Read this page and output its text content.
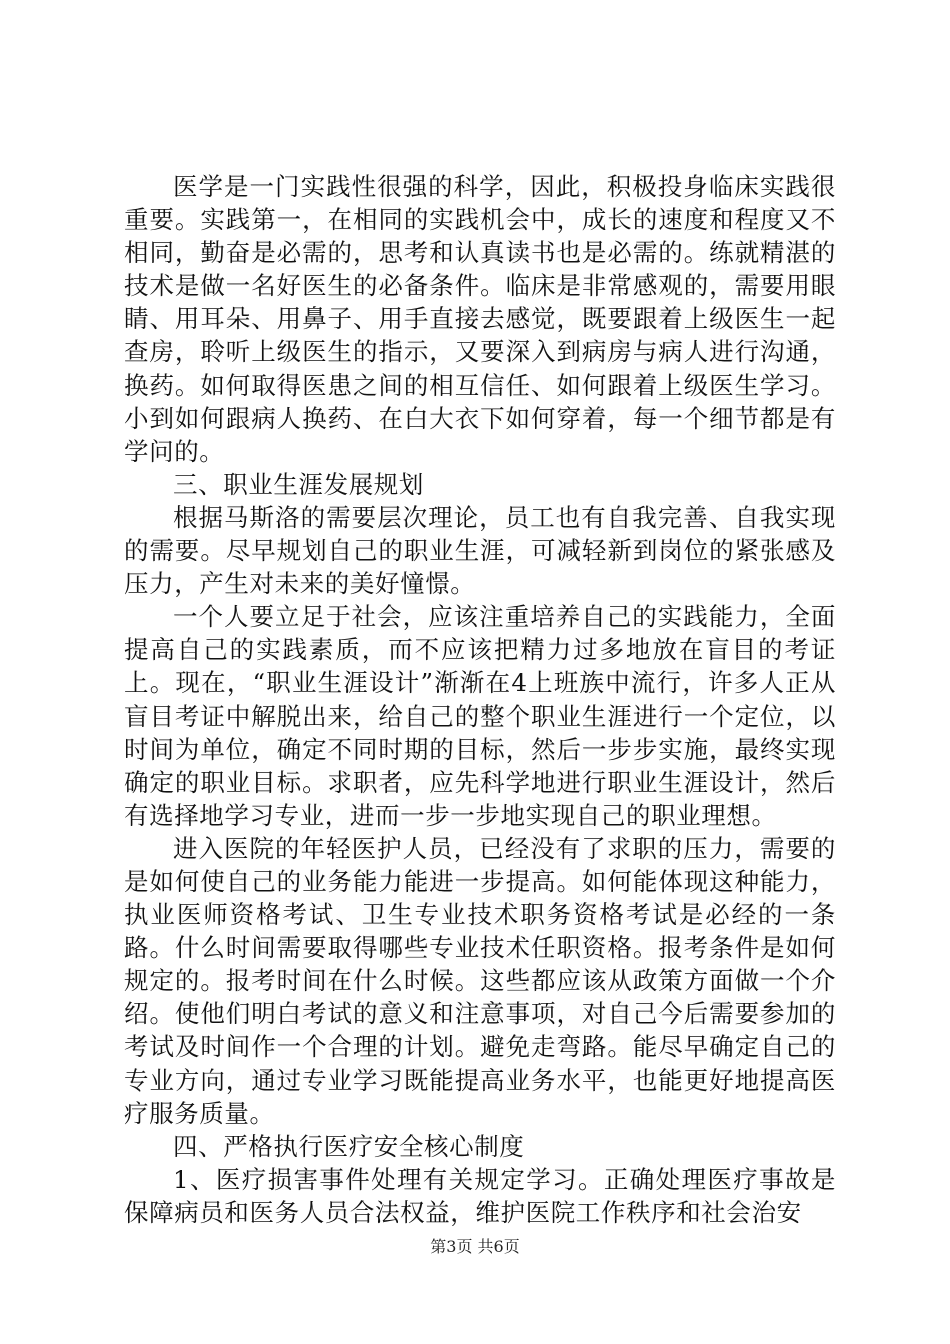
医学是一门实践性很强的科学，因此，积极投身临床实践很重要。实践第一，在相同的实践机会中，成长的速度和程度又不相同，勤奋是必需的，思考和认真读书也是必需的。练就精湛的技术是做一名好医生的必备条件。临床是非常感观的，需要用眼睛、用耳朵、用鼻子、用手直接去感觉，既要跟着上级医生一起查房，聆听上级医生的指示，又要深入到病房与病人进行沟通，换药。如何取得医患之间的相互信任、如何跟着上级医生学习。小到如何跟病人换药、在白大衣下如何穿着，每一个细节都是有学问的。

三、职业生涯发展规划

根据马斯洛的需要层次理论，员工也有自我完善、自我实现的需要。尽早规划自己的职业生涯，可减轻新到岗位的紧张感及压力，产生对未来的美好憧憬。

一个人要立足于社会，应该注重培养自己的实践能力，全面提高自己的实践素质，而不应该把精力过多地放在盲目的考证上。现在，“职业生涯设计”渐渐在4上班族中流行，许多人正从盲目考证中解脱出来，给自己的整个职业生涯进行一个定位，以时间为单位，确定不同时期的目标，然后一步步实施，最终实现确定的职业目标。求职者，应先科学地进行职业生涯设计，然后有选择地学习专业，进而一步一步地实现自己的职业理想。

进入医院的年轻医护人员，已经没有了求职的压力，需要的是如何使自己的业务能力能进一步提高。如何能体现这种能力，执业医师资格考试、卫生专业技术职务资格考试是必经的一条路。什么时间需要取得哪些专业技术任职资格。报考条件是如何规定的。报考时间在什么时候。这些都应该从政策方面做一个介绍。使他们明白考试的意义和注意事项，对自己今后需要参加的考试及时间作一个合理的计划。避免走弯路。能尽早确定自己的专业方向，通过专业学习既能提高业务水平，也能更好地提高医疗服务质量。

四、严格执行医疗安全核心制度

1、医疗损害事件处理有关规定学习。正确处理医疗事故是保障病员和医务人员合法权益，维护医院工作秩序和社会治安

第3页 共6页
